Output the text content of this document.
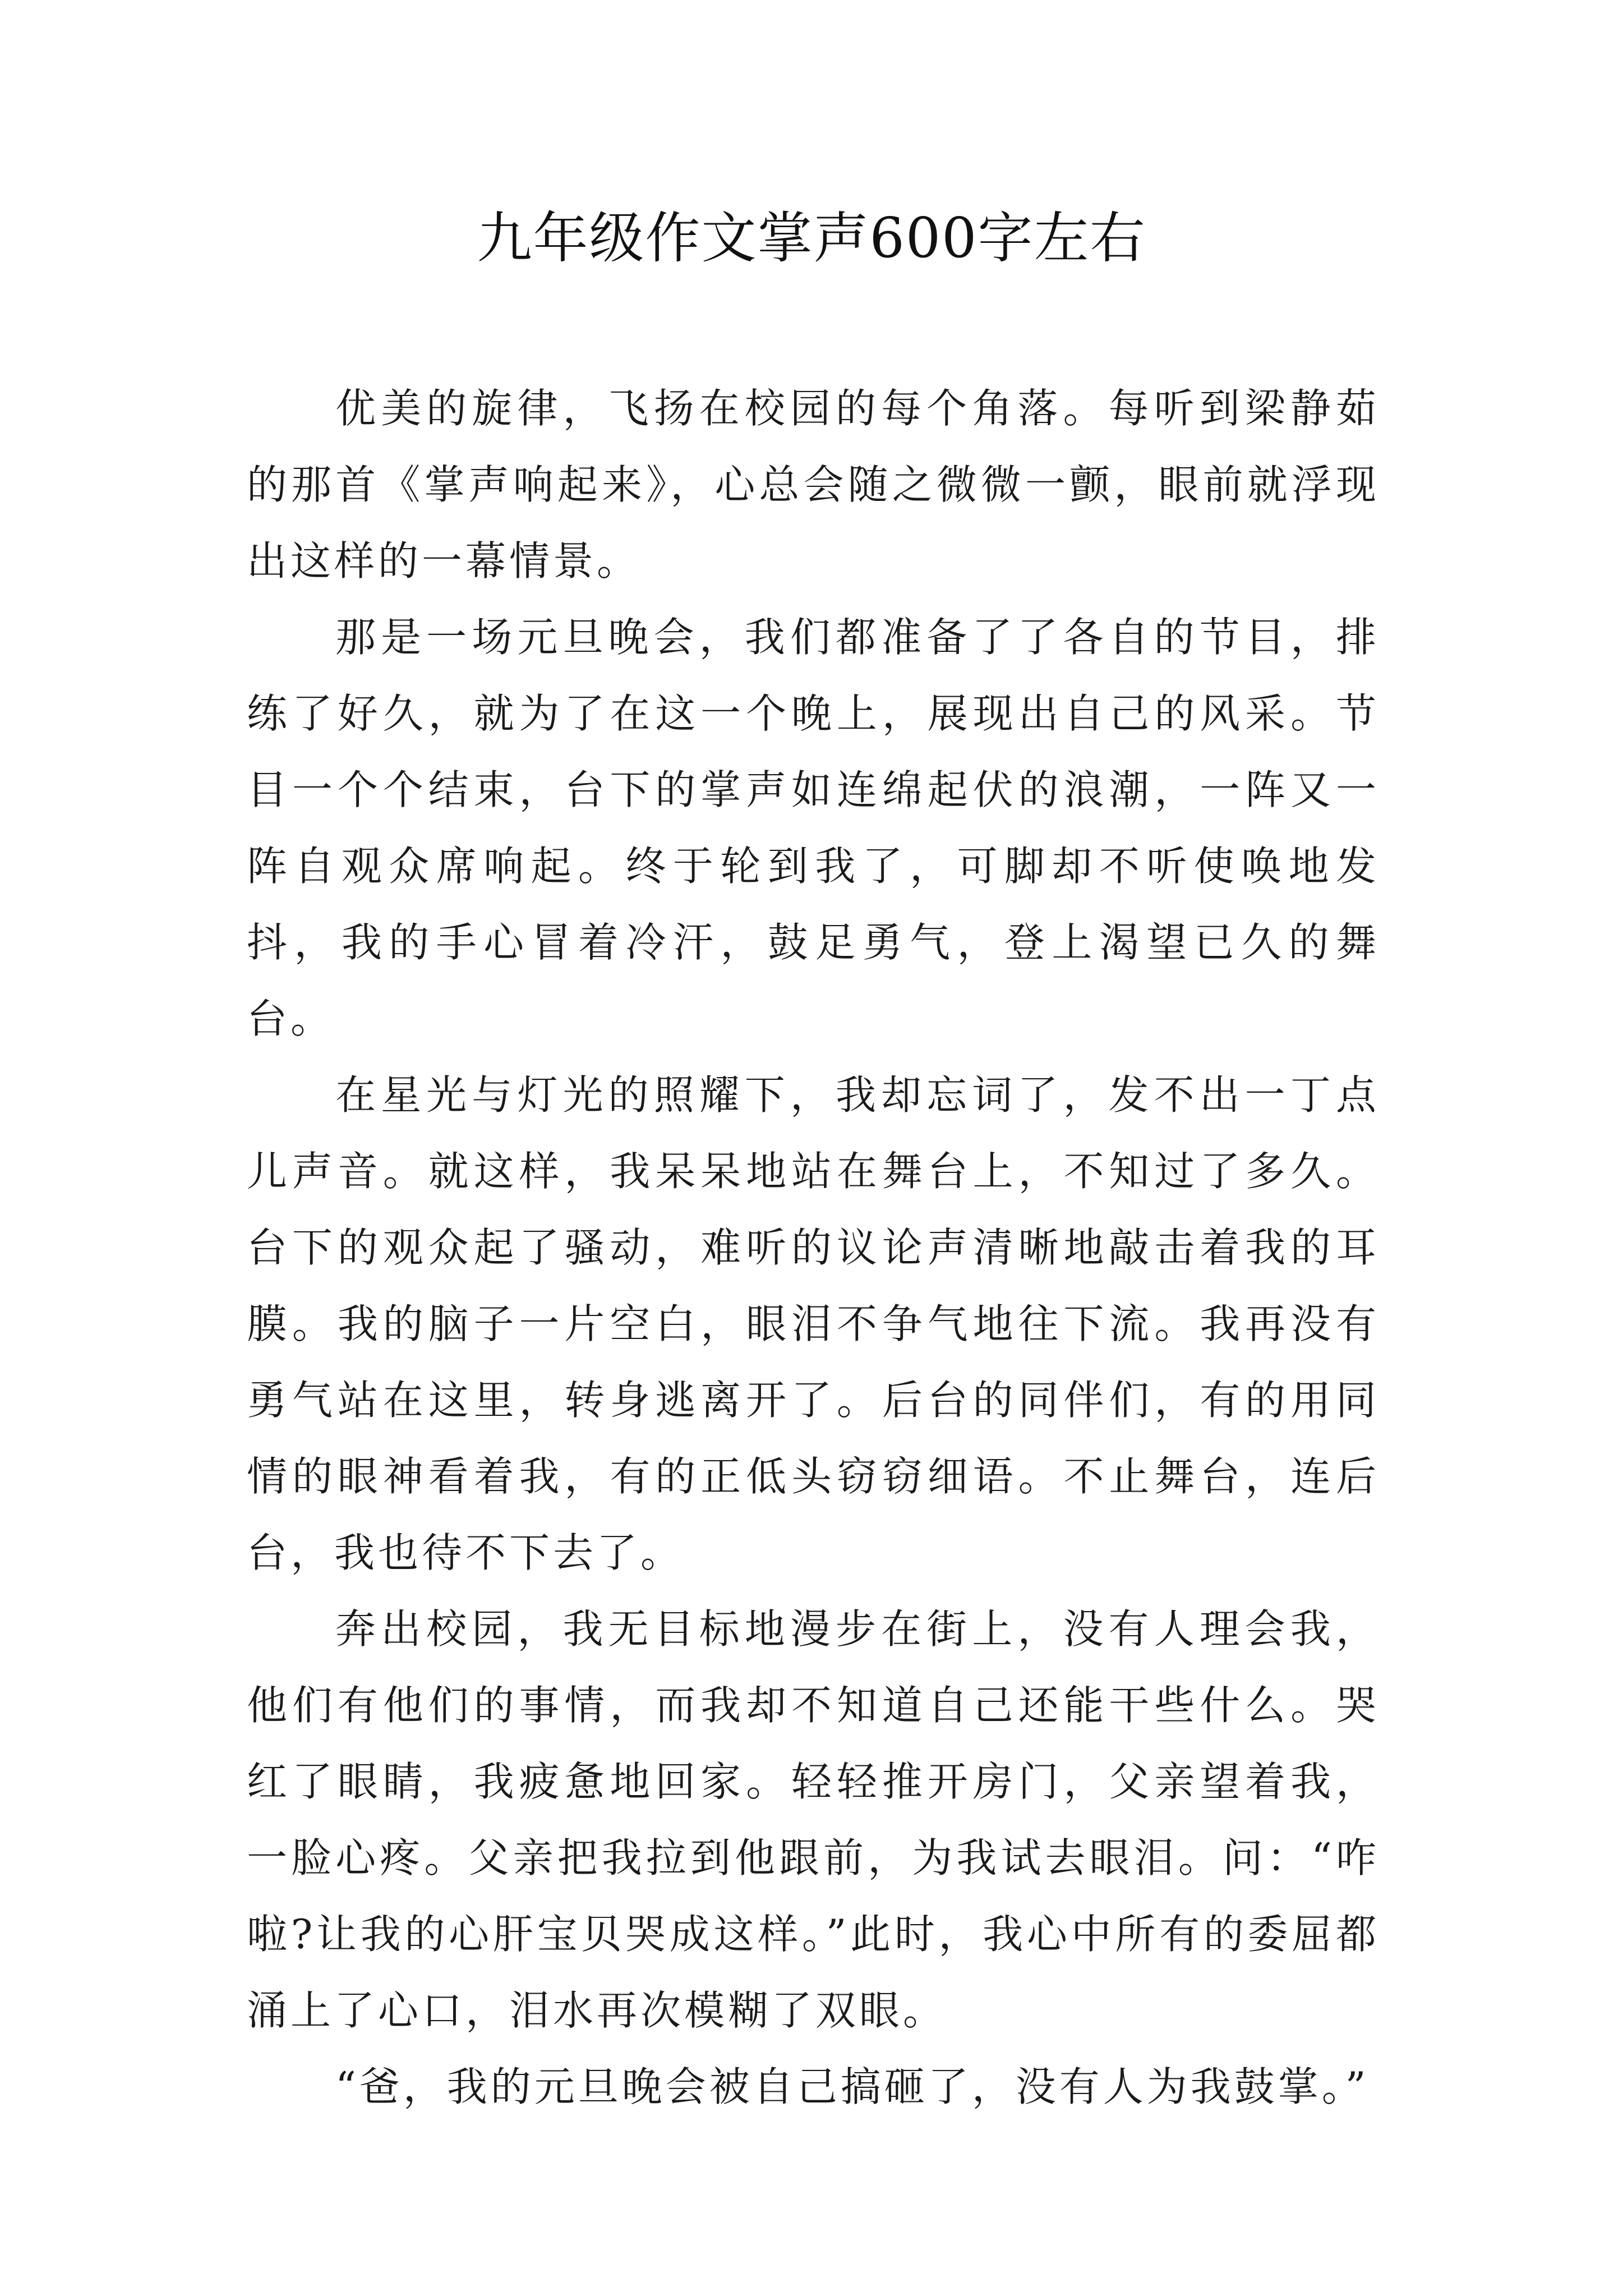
九年级作文掌声600字左右

优美的旋律，飞扬在校园的每个角落。每听到梁静茹的那首《掌声响起来》，心总会随之微微一颤，眼前就浮现出这样的一幕情景。

那是一场元旦晚会，我们都准备了了各自的节目，排练了好久，就为了在这一个晚上，展现出自己的风采。节目一个个结束，台下的掌声如连绵起伏的浪潮，一阵又一阵自观众席响起。终于轮到我了，可脚却不听使唤地发抖，我的手心冒着冷汗，鼓足勇气，登上渴望已久的舞台。

在星光与灯光的照耀下，我却忘词了，发不出一丁点儿声音。就这样，我呆呆地站在舞台上，不知过了多久。台下的观众起了骚动，难听的议论声清晰地敲击着我的耳膜。我的脑子一片空白，眼泪不争气地往下流。我再没有勇气站在这里，转身逃离开了。后台的同伴们，有的用同情的眼神看着我，有的正低头窃窃细语。不止舞台，连后台，我也待不下去了。

奔出校园，我无目标地漫步在街上，没有人理会我，他们有他们的事情，而我却不知道自己还能干些什么。哭红了眼睛，我疲惫地回家。轻轻推开房门，父亲望着我，一脸心疼。父亲把我拉到他跟前，为我试去眼泪。问：“咋啦?让我的心肝宝贝哭成这样。”此时，我心中所有的委屈都涌上了心口，泪水再次模糊了双眼。

“爸，我的元旦晚会被自己搞砸了，没有人为我鼓掌。”
